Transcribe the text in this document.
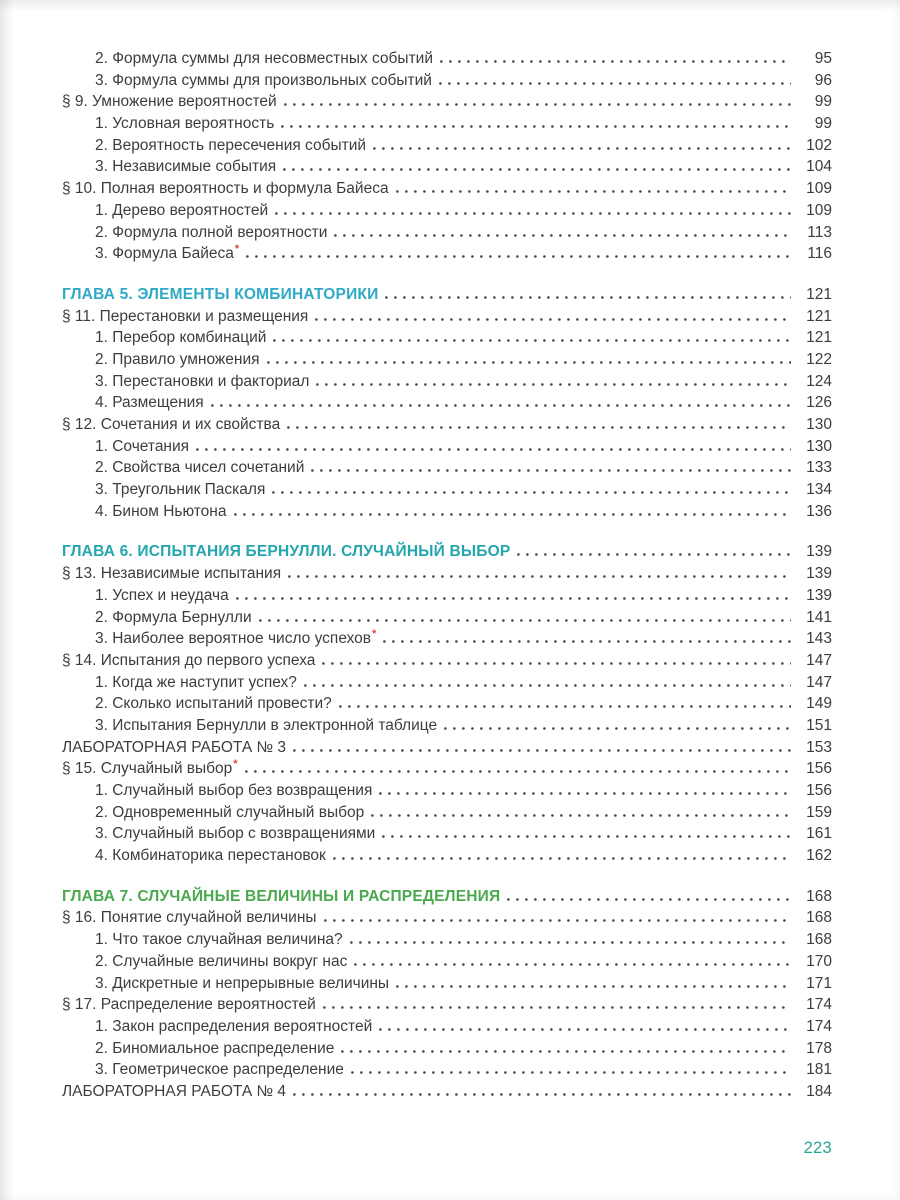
2. Формула суммы для несовместных событий	95
3. Формула суммы для произвольных событий	96
§ 9. Умножение вероятностей	99
1. Условная вероятность	99
2. Вероятность пересечения событий	102
3. Независимые события	104
§ 10. Полная вероятность и формула Байеса	109
1. Дерево вероятностей	109
2. Формула полной вероятности	113
3. Формула Байеса*	116
ГЛАВА 5. ЭЛЕМЕНТЫ КОМБИНАТОРИКИ	121
§ 11. Перестановки и размещения	121
1. Перебор комбинаций	121
2. Правило умножения	122
3. Перестановки и факториал	124
4. Размещения	126
§ 12. Сочетания и их свойства	130
1. Сочетания	130
2. Свойства чисел сочетаний	133
3. Треугольник Паскаля	134
4. Бином Ньютона	136
ГЛАВА 6. ИСПЫТАНИЯ БЕРНУЛЛИ. СЛУЧАЙНЫЙ ВЫБОР	139
§ 13. Независимые испытания	139
1. Успех и неудача	139
2. Формула Бернулли	141
3. Наиболее вероятное число успехов*	143
§ 14. Испытания до первого успеха	147
1. Когда же наступит успех?	147
2. Сколько испытаний провести?	149
3. Испытания Бернулли в электронной таблице	151
ЛАБОРАТОРНАЯ РАБОТА № 3	153
§ 15. Случайный выбор*	156
1. Случайный выбор без возвращения	156
2. Одновременный случайный выбор	159
3. Случайный выбор с возвращениями	161
4. Комбинаторика перестановок	162
ГЛАВА 7. СЛУЧАЙНЫЕ ВЕЛИЧИНЫ И РАСПРЕДЕЛЕНИЯ	168
§ 16. Понятие случайной величины	168
1. Что такое случайная величина?	168
2. Случайные величины вокруг нас	170
3. Дискретные и непрерывные величины	171
§ 17. Распределение вероятностей	174
1. Закон распределения вероятностей	174
2. Биномиальное распределение	178
3. Геометрическое распределение	181
ЛАБОРАТОРНАЯ РАБОТА № 4	184
223
